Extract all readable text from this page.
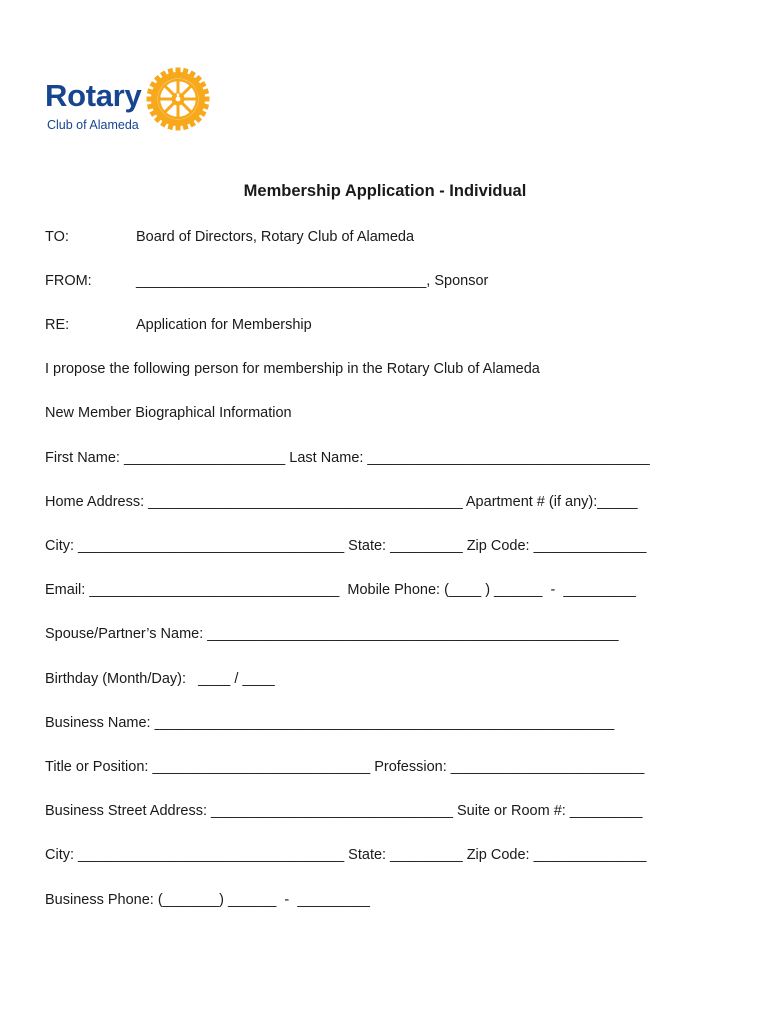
Rotary
Club of Alameda
Membership Application - Individual
TO:	Board of Directors, Rotary Club of Alameda
FROM:	____________________________________, Sponsor
RE:	Application for Membership
I propose the following person for membership in the Rotary Club of Alameda
New Member Biographical Information
First Name: ____________________ Last Name: ___________________________________
Home Address: _______________________________________ Apartment # (if any):_____
City: _________________________________ State: _________ Zip Code: ______________
Email: _______________________________  Mobile Phone: (____ ) ______  -  _________
Spouse/Partner’s Name: ___________________________________________________
Birthday (Month/Day):   ____ / ____
Business Name: _________________________________________________________
Title or Position: ___________________________ Profession: ________________________
Business Street Address: ______________________________ Suite or Room #: _________
City: _________________________________ State: _________ Zip Code: ______________
Business Phone: (_______) ______  -  _________
